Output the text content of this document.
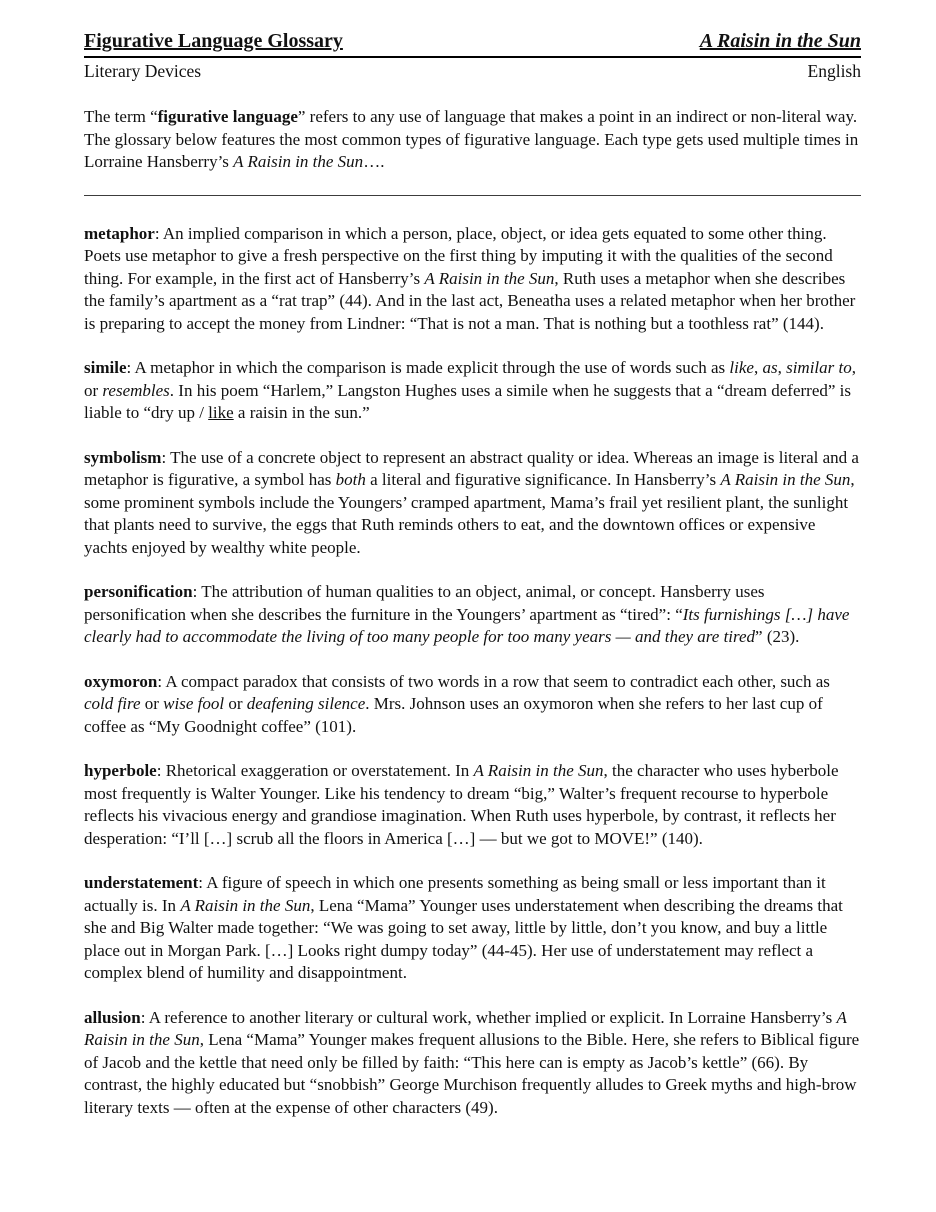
Figurative Language Glossary	A Raisin in the Sun
Literary Devices	English

The term “figurative language” refers to any use of language that makes a point in an indirect or non-literal way. The glossary below features the most common types of figurative language. Each type gets used multiple times in Lorraine Hansberry’s A Raisin in the Sun….

metaphor: An implied comparison in which a person, place, object, or idea gets equated to some other thing. Poets use metaphor to give a fresh perspective on the first thing by imputing it with the qualities of the second thing. For example, in the first act of Hansberry’s A Raisin in the Sun, Ruth uses a metaphor when she describes the family’s apartment as a “rat trap” (44). And in the last act, Beneatha uses a related metaphor when her brother is preparing to accept the money from Lindner: “That is not a man. That is nothing but a toothless rat” (144).

simile: A metaphor in which the comparison is made explicit through the use of words such as like, as, similar to, or resembles. In his poem “Harlem,” Langston Hughes uses a simile when he suggests that a “dream deferred” is liable to “dry up / like a raisin in the sun.”

symbolism: The use of a concrete object to represent an abstract quality or idea. Whereas an image is literal and a metaphor is figurative, a symbol has both a literal and figurative significance. In Hansberry’s A Raisin in the Sun, some prominent symbols include the Youngers’ cramped apartment, Mama’s frail yet resilient plant, the sunlight that plants need to survive, the eggs that Ruth reminds others to eat, and the downtown offices or expensive yachts enjoyed by wealthy white people.

personification: The attribution of human qualities to an object, animal, or concept. Hansberry uses personification when she describes the furniture in the Youngers’ apartment as “tired”: “Its furnishings […] have clearly had to accommodate the living of too many people for too many years — and they are tired” (23).

oxymoron: A compact paradox that consists of two words in a row that seem to contradict each other, such as cold fire or wise fool or deafening silence. Mrs. Johnson uses an oxymoron when she refers to her last cup of coffee as “My Goodnight coffee” (101).

hyperbole: Rhetorical exaggeration or overstatement. In A Raisin in the Sun, the character who uses hyberbole most frequently is Walter Younger. Like his tendency to dream “big,” Walter’s frequent recourse to hyperbole reflects his vivacious energy and grandiose imagination. When Ruth uses hyperbole, by contrast, it reflects her desperation: “I’ll […] scrub all the floors in America […] — but we got to MOVE!” (140).

understatement: A figure of speech in which one presents something as being small or less important than it actually is. In A Raisin in the Sun, Lena “Mama” Younger uses understatement when describing the dreams that she and Big Walter made together: “We was going to set away, little by little, don’t you know, and buy a little place out in Morgan Park. […] Looks right dumpy today” (44-45). Her use of understatement may reflect a complex blend of humility and disappointment.

allusion: A reference to another literary or cultural work, whether implied or explicit. In Lorraine Hansberry’s A Raisin in the Sun, Lena “Mama” Younger makes frequent allusions to the Bible. Here, she refers to Biblical figure of Jacob and the kettle that need only be filled by faith: “This here can is empty as Jacob’s kettle” (66). By contrast, the highly educated but “snobbish” George Murchison frequently alludes to Greek myths and high-brow literary texts — often at the expense of other characters (49).
